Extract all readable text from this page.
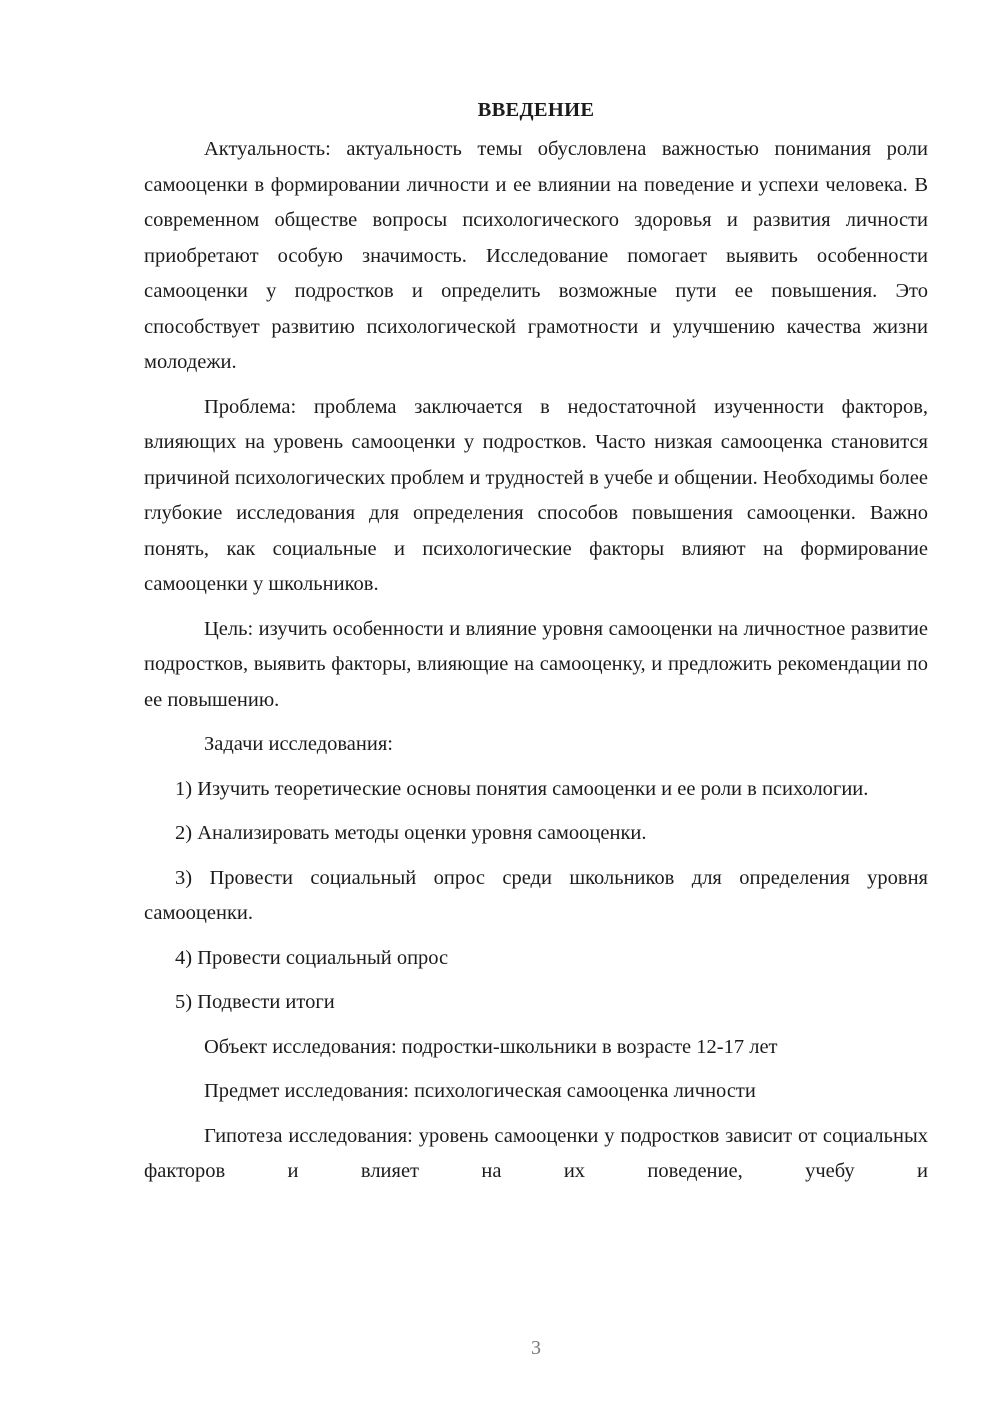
ВВЕДЕНИЕ

Актуальность: актуальность темы обусловлена важностью понимания роли самооценки в формировании личности и ее влиянии на поведение и успехи человека. В современном обществе вопросы психологического здоровья и развития личности приобретают особую значимость. Исследование помогает выявить особенности самооценки у подростков и определить возможные пути ее повышения. Это способствует развитию психологической грамотности и улучшению качества жизни молодежи.

Проблема: проблема заключается в недостаточной изученности факторов, влияющих на уровень самооценки у подростков. Часто низкая самооценка становится причиной психологических проблем и трудностей в учебе и общении. Необходимы более глубокие исследования для определения способов повышения самооценки. Важно понять, как социальные и психологические факторы влияют на формирование самооценки у школьников.

Цель: изучить особенности и влияние уровня самооценки на личностное развитие подростков, выявить факторы, влияющие на самооценку, и предложить рекомендации по ее повышению.

Задачи исследования:

1) Изучить теоретические основы понятия самооценки и ее роли в психологии.

2) Анализировать методы оценки уровня самооценки.

3) Провести социальный опрос среди школьников для определения уровня самооценки.

4) Провести социальный опрос

5) Подвести итоги

Объект исследования: подростки-школьники в возрасте 12-17 лет

Предмет исследования: психологическая самооценка личности

Гипотеза исследования: уровень самооценки у подростков зависит от социальных факторов и влияет на их поведение, учебу и

3
